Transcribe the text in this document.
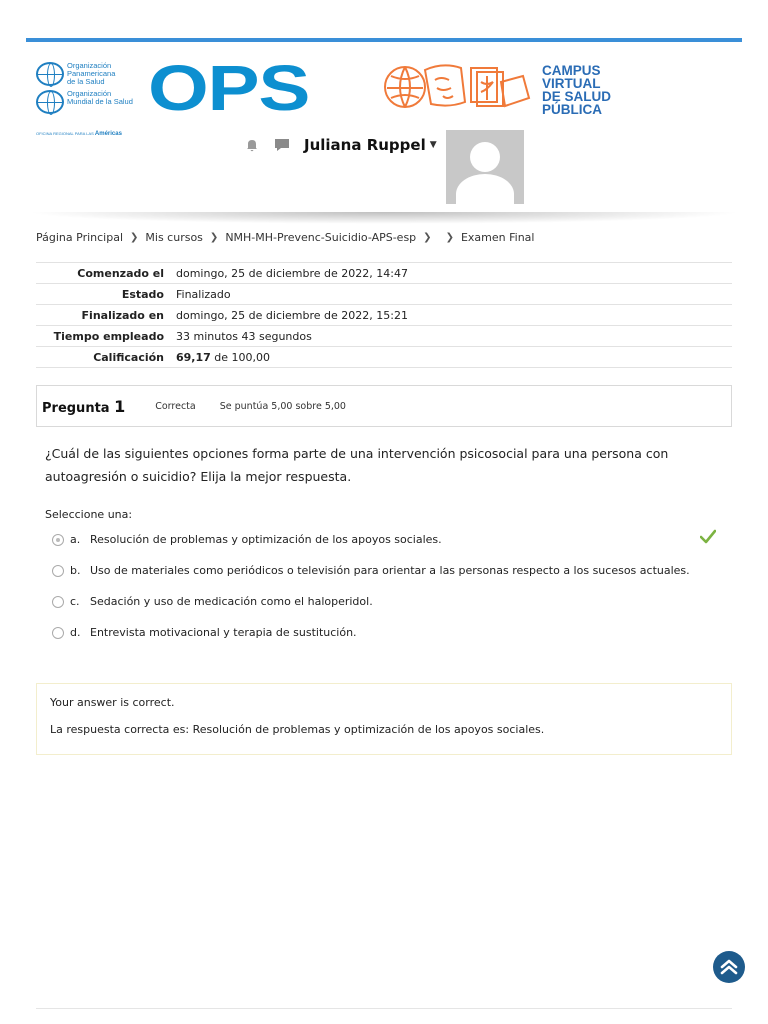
Organización
Panamericana
de la Salud
Organización
Mundial de la Salud
OFICINA REGIONAL PARA LAS Américas
OPS	CAMPUS
VIRTUAL
DE SALUD
PÚBLICA
Juliana Ruppel ▼
Página Principal ❯ Mis cursos ❯ NMH-MH-Prevenc-Suicidio-APS-esp ❯ ❯ Examen Final
Comenzado el	domingo, 25 de diciembre de 2022, 14:47
Estado	Finalizado
Finalizado en	domingo, 25 de diciembre de 2022, 15:21
Tiempo empleado	33 minutos 43 segundos
Calificación	69,17 de 100,00
Pregunta 1	Correcta	Se puntúa 5,00 sobre 5,00
¿Cuál de las siguientes opciones forma parte de una intervención psicosocial para una persona con autoagresión o suicidio? Elija la mejor respuesta.
Seleccione una:
a. Resolución de problemas y optimización de los apoyos sociales.
b. Uso de materiales como periódicos o televisión para orientar a las personas respecto a los sucesos actuales.
c. Sedación y uso de medicación como el haloperidol.
d. Entrevista motivacional y terapia de sustitución.

Your answer is correct.

La respuesta correcta es: Resolución de problemas y optimización de los apoyos sociales.
